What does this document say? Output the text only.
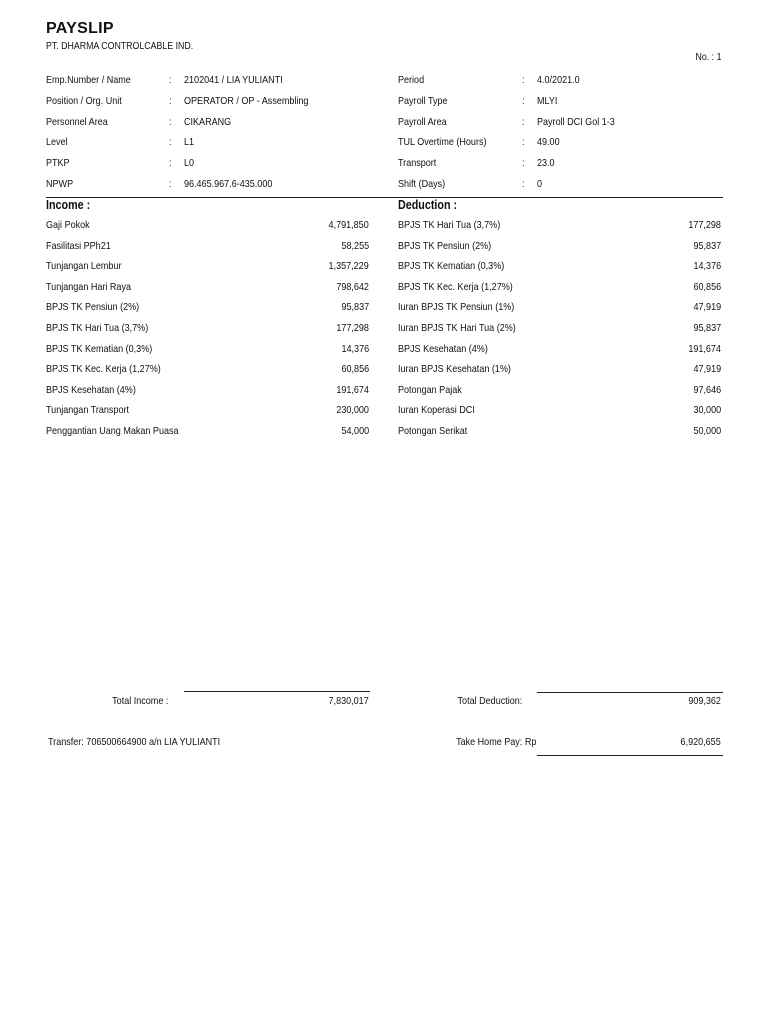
PAYSLIP
PT. DHARMA CONTROLCABLE IND.
No. : 1
Emp.Number / Name	: 2102041 / LIA YULIANTI
Position / Org. Unit	: OPERATOR / OP - Assembling
Personnel Area	: CIKARANG
Level	: L1
PTKP	: L0
NPWP	: 96.465.967.6-435.000
Period	: 4.0/2021.0
Payroll Type	: MLYI
Payroll Area	: Payroll DCI Gol 1-3
TUL Overtime (Hours)	: 49.00
Transport	: 23.0
Shift (Days)	: 0
Income :	Deduction :
Gaji Pokok	4,791,850
Fasilitasi PPh21	58,255
Tunjangan Lembur	1,357,229
Tunjangan Hari Raya	798,642
BPJS TK Pensiun (2%)	95,837
BPJS TK Hari Tua (3,7%)	177,298
BPJS TK Kematian (0,3%)	14,376
BPJS TK Kec. Kerja (1,27%)	60,856
BPJS Kesehatan (4%)	191,674
Tunjangan Transport	230,000
Penggantian Uang Makan Puasa	54,000
BPJS TK Hari Tua (3,7%)	177,298
BPJS TK Pensiun (2%)	95,837
BPJS TK Kematian (0,3%)	14,376
BPJS TK Kec. Kerja (1,27%)	60,856
Iuran BPJS TK Pensiun (1%)	47,919
Iuran BPJS TK Hari Tua (2%)	95,837
BPJS Kesehatan (4%)	191,674
Iuran BPJS Kesehatan (1%)	47,919
Potongan Pajak	97,646
Iuran Koperasi DCI	30,000
Potongan Serikat	50,000
Total Income :	7,830,017	Total Deduction:	909,362
Transfer: 706500664900 a/n LIA YULIANTI	Take Home Pay: Rp	6,920,655
